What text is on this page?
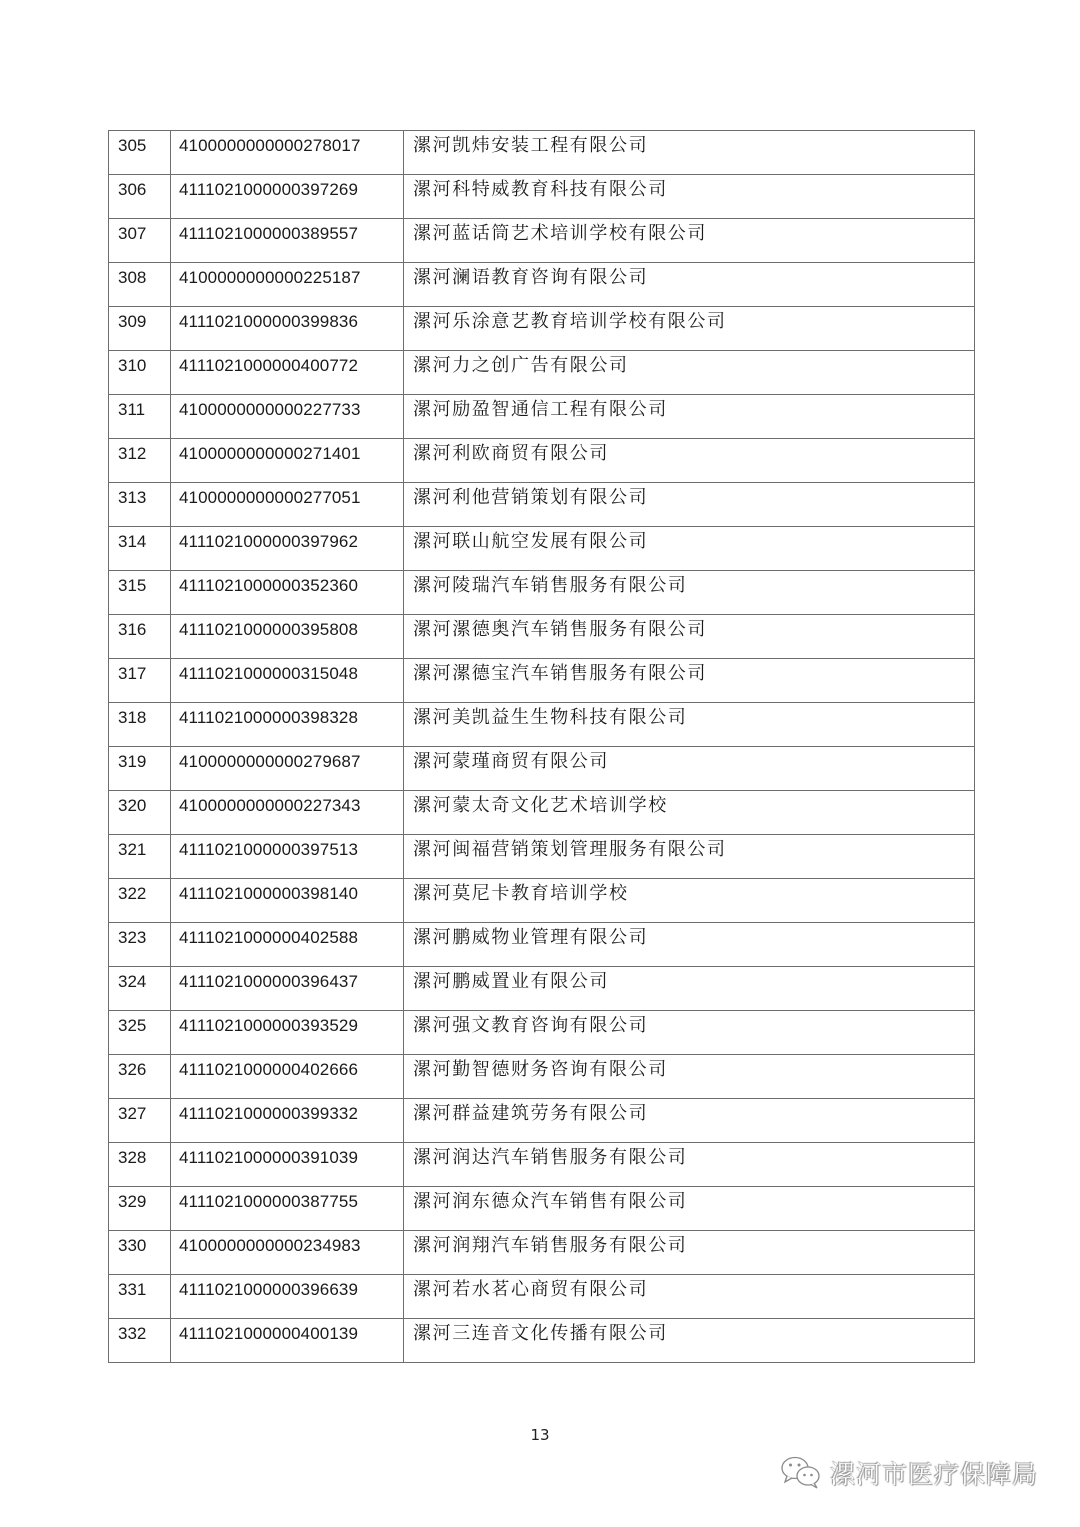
305	4100000000000278017	漯河凯炜安装工程有限公司

306	4111021000000397269	漯河科特威教育科技有限公司

307	4111021000000389557	漯河蓝话筒艺术培训学校有限公司

308	4100000000000225187	漯河澜语教育咨询有限公司

309	4111021000000399836	漯河乐涂意艺教育培训学校有限公司

310	4111021000000400772	漯河力之创广告有限公司

311	4100000000000227733	漯河励盈智通信工程有限公司

312	4100000000000271401	漯河利欧商贸有限公司

313	4100000000000277051	漯河利他营销策划有限公司

314	4111021000000397962	漯河联山航空发展有限公司

315	4111021000000352360	漯河陵瑞汽车销售服务有限公司

316	4111021000000395808	漯河漯德奥汽车销售服务有限公司

317	4111021000000315048	漯河漯德宝汽车销售服务有限公司

318	4111021000000398328	漯河美凯益生生物科技有限公司

319	4100000000000279687	漯河蒙瑾商贸有限公司

320	4100000000000227343	漯河蒙太奇文化艺术培训学校

321	4111021000000397513	漯河闽福营销策划管理服务有限公司

322	4111021000000398140	漯河莫尼卡教育培训学校

323	4111021000000402588	漯河鹏威物业管理有限公司

324	4111021000000396437	漯河鹏威置业有限公司

325	4111021000000393529	漯河强文教育咨询有限公司

326	4111021000000402666	漯河勤智德财务咨询有限公司

327	4111021000000399332	漯河群益建筑劳务有限公司

328	4111021000000391039	漯河润达汽车销售服务有限公司

329	4111021000000387755	漯河润东德众汽车销售有限公司

330	4100000000000234983	漯河润翔汽车销售服务有限公司

331	4111021000000396639	漯河若水茗心商贸有限公司

332	4111021000000400139	漯河三连音文化传播有限公司
13
漯河市医疗保障局
